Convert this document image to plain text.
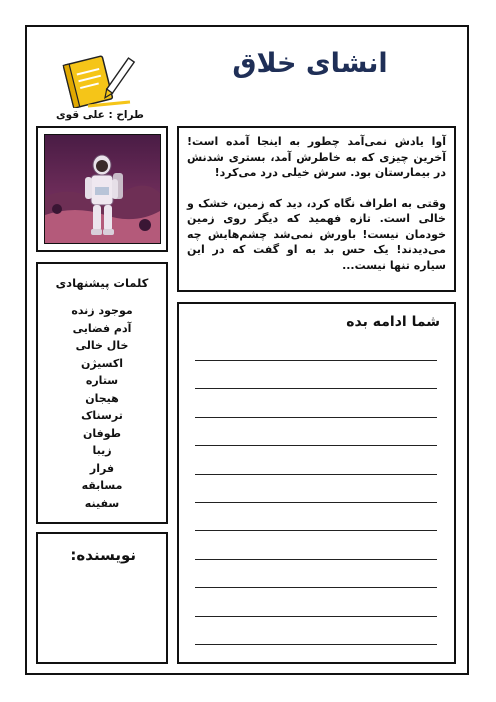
انشای خلاق
طراح : علی قوی
کلمات پیشنهادی
موجود زنده
آدم فضایی
خال خالی
اکسیژن
ستاره
هیجان
ترسناک
طوفان
زیبا
فرار
مسابقه
سفینه
نویسنده:

آوا یادش نمی‌آمد چطور به اینجا آمده است! آخرین چیزی که به خاطرش آمد، بستری شدنش در بیمارستان بود. سرش خیلی درد می‌کرد!

وقتی به اطراف نگاه کرد، دید که زمین، خشک و خالی است. تازه فهمید که دیگر روی زمین خودمان نیست! باورش نمی‌شد چشم‌هایش چه می‌دیدند! یک حس بد به او گفت که در این سیاره تنها نیست...

شما ادامه بده
